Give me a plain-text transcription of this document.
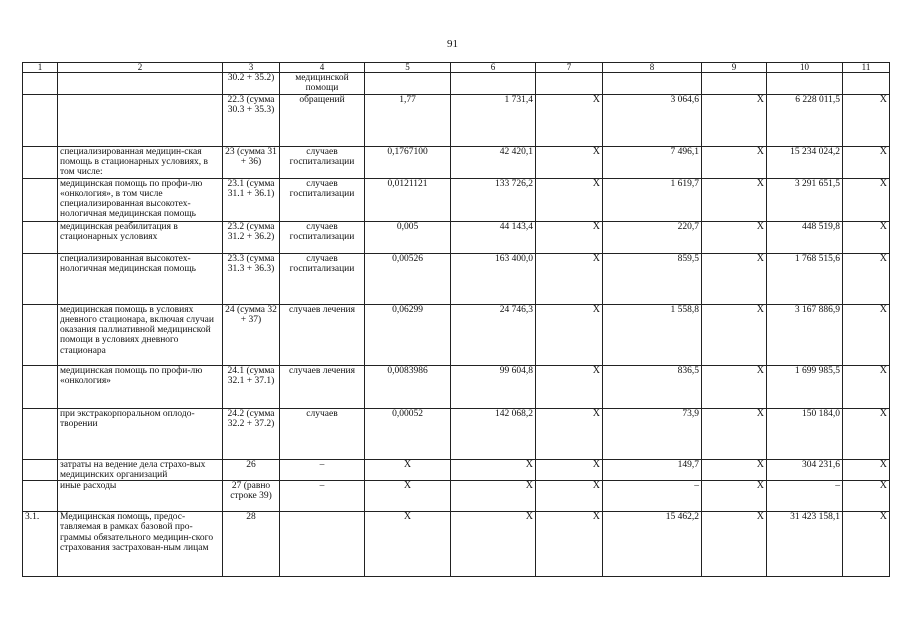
91
1	2	3	4	5	6	7	8	9	10	11
		30.2 + 35.2)	медицинской помощи							
		22.3 (сумма 30.3 + 35.3)	обращений	1,77	1 731,4	X	3 064,6	X	6 228 011,5	X
	специализированная медицин-ская помощь в стационарных условиях, в том числе:	23 (сумма 31 + 36)	случаев госпитализации	0,1767100	42 420,1	X	7 496,1	X	15 234 024,2	X
	медицинская помощь по профи-лю «онкология», в том числе специализированная высокотех-нологичная медицинская помощь	23.1 (сумма 31.1 + 36.1)	случаев госпитализации	0,0121121	133 726,2	X	1 619,7	X	3 291 651,5	X
	медицинская реабилитация в стационарных условиях	23.2 (сумма 31.2 + 36.2)	случаев госпитализации	0,005	44 143,4	X	220,7	X	448 519,8	X
	специализированная высокотех-нологичная медицинская помощь	23.3 (сумма 31.3 + 36.3)	случаев госпитализации	0,00526	163 400,0	X	859,5	X	1 768 515,6	X
	медицинская помощь в условиях дневного стационара, включая случаи оказания паллиативной медицинской помощи в условиях дневного стационара	24 (сумма 32 + 37)	случаев лечения	0,06299	24 746,3	X	1 558,8	X	3 167 886,9	X
	медицинская помощь по профи-лю «онкология»	24.1 (сумма 32.1 + 37.1)	случаев лечения	0,0083986	99 604,8	X	836,5	X	1 699 985,5	X
	при экстракорпоральном оплодо-творении	24.2 (сумма 32.2 + 37.2)	случаев	0,00052	142 068,2	X	73,9	X	150 184,0	X
	затраты на ведение дела страхо-вых медицинских организаций	26	–	X	X	X	149,7	X	304 231,6	X
	иные расходы	27 (равно строке 39)	–	X	X	X	–	X	–	X
3.1.	Медицинская помощь, предос-тавляемая в рамках базовой про-граммы обязательного медицин-ского страхования застрахован-ным лицам	28		X	X	X	15 462,2	X	31 423 158,1	X
